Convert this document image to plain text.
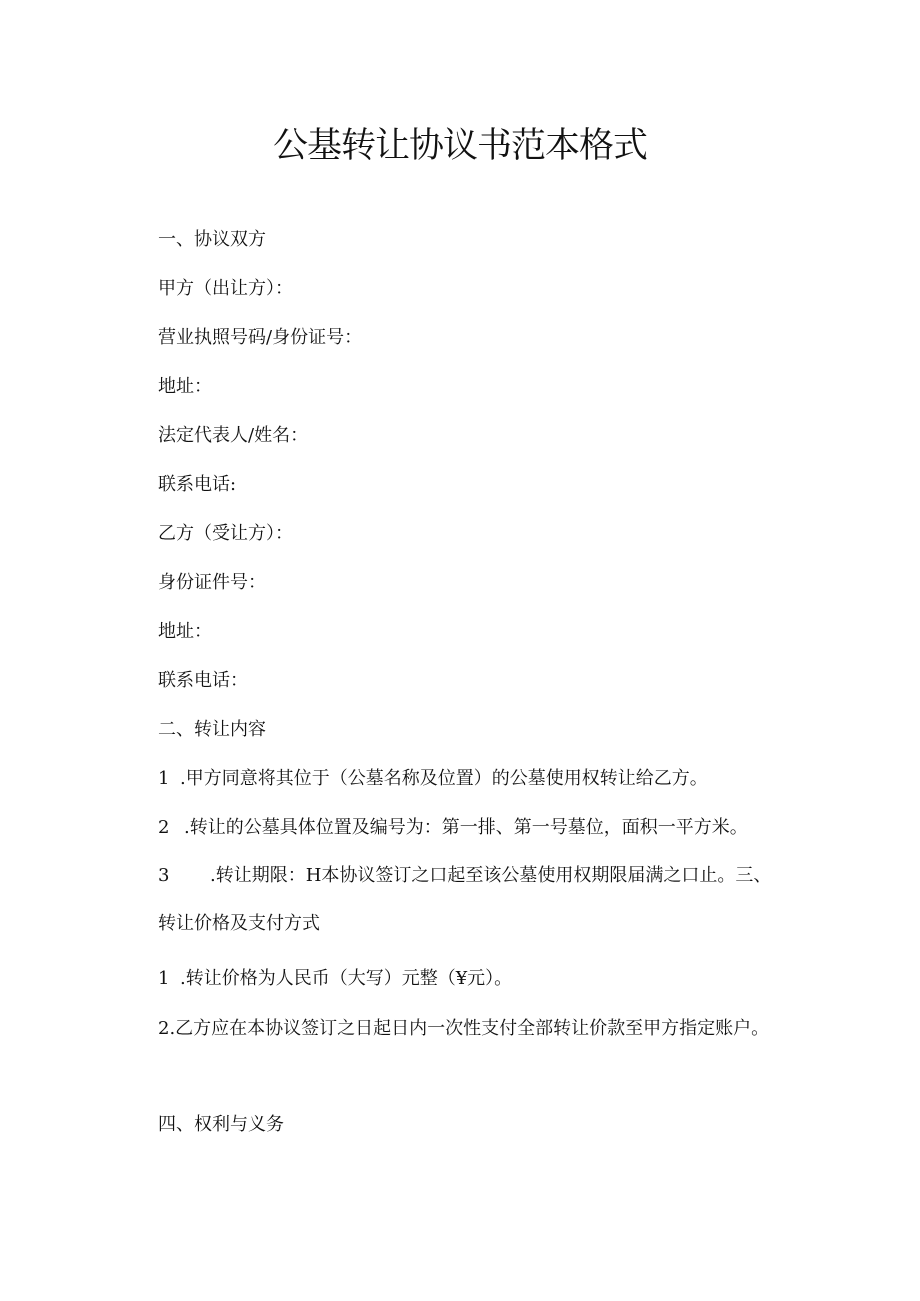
公基转让协议书范本格式

一、协议双方

甲方（出让方）：

营业执照号码/身份证号：

地址：

法定代表人/姓名：

联系电话:

乙方（受让方）：

身份证件号：

地址：

联系电话：

二、转让内容

1 .甲方同意将其位于（公墓名称及位置）的公墓使用权转让给乙方。

2 .转让的公墓具体位置及编号为：第一排、第一号墓位，面积一平方米。

3 .转让期限：H本协议签订之口起至该公墓使用权期限届满之口止。三、

转让价格及支付方式

1 .转让价格为人民币（大写）元整（¥元）。

2.乙方应在本协议签订之日起日内一次性支付全部转让价款至甲方指定账户。

四、权利与义务
